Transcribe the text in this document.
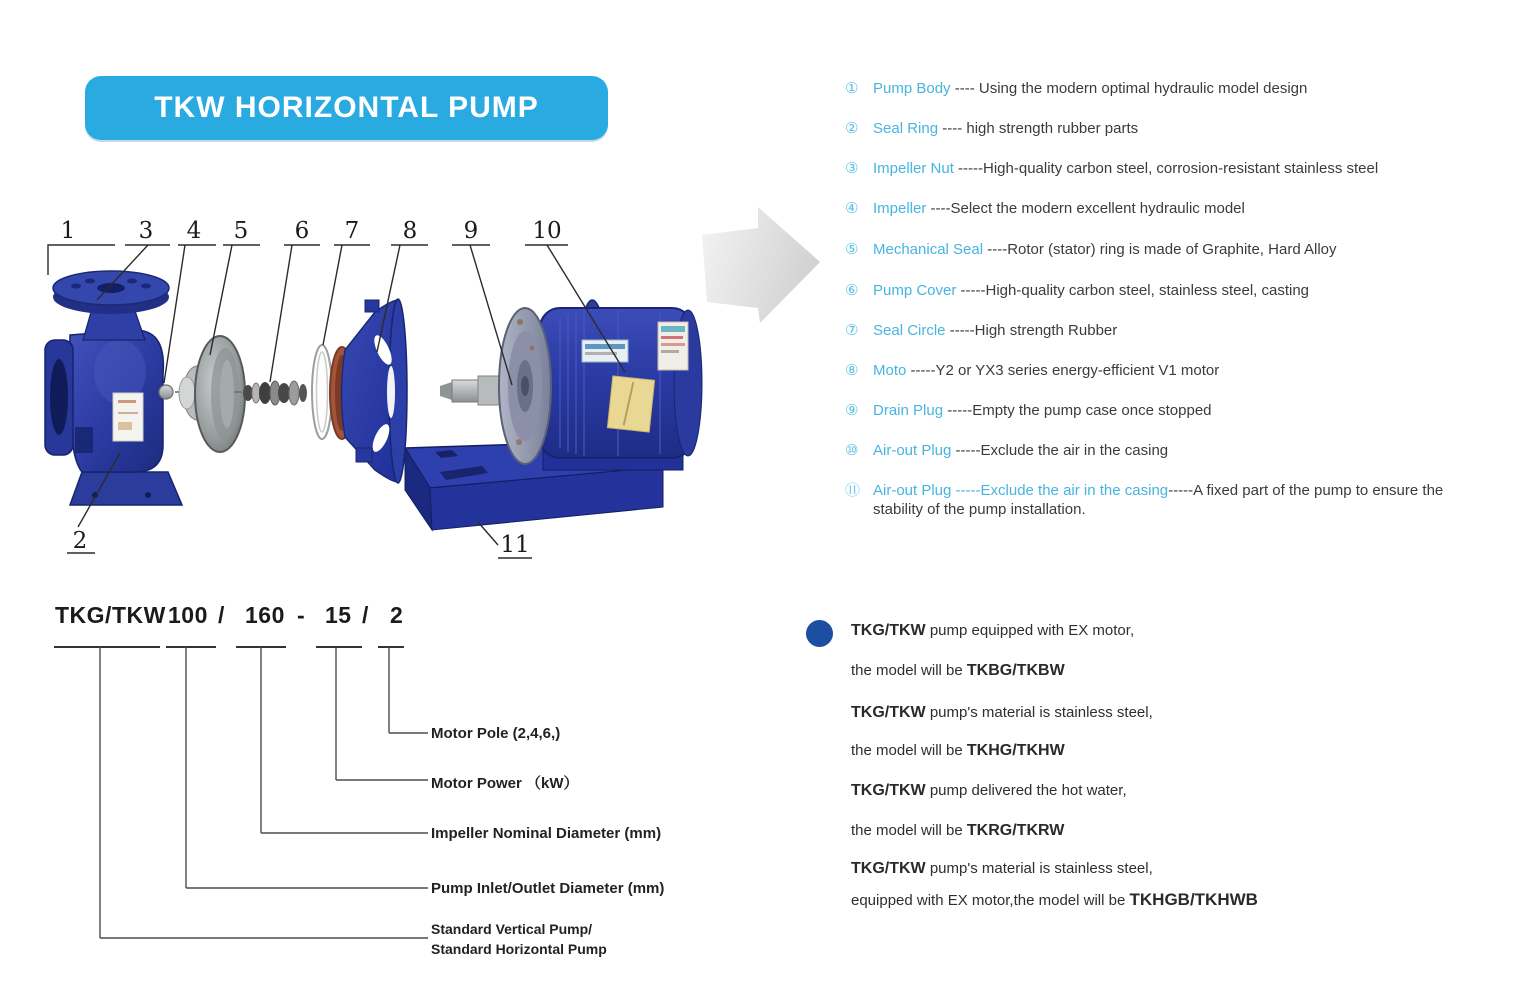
TKW HORIZONTAL PUMP
1
2
3 4 5 6 7 8 9 10
11
① Pump Body ---- Using the modern optimal hydraulic model design
② Seal Ring ---- high strength rubber parts
③ Impeller Nut -----High-quality carbon steel, corrosion-resistant stainless steel
④ Impeller ----Select the modern excellent hydraulic model
⑤ Mechanical Seal ----Rotor (stator) ring is made of Graphite, Hard Alloy
⑥ Pump Cover -----High-quality carbon steel, stainless steel, casting
⑦ Seal Circle -----High strength Rubber
⑧ Moto -----Y2 or YX3 series energy-efficient V1 motor
⑨ Drain Plug -----Empty the pump case once stopped
⑩ Air-out Plug -----Exclude the air in the casing
⑪ Air-out Plug -----Exclude the air in the casing-----A fixed part of the pump to ensure the stability of the pump installation.
TKG/TKW 100 / 160 - 15 / 2
Motor Pole (2,4,6,)
Motor Power （kW）
Impeller Nominal Diameter (mm)
Pump Inlet/Outlet Diameter (mm)
Standard Vertical Pump/
Standard Horizontal Pump
TKG/TKW pump equipped with EX motor,
the model will be TKBG/TKBW
TKG/TKW pump's material is stainless steel,
the model will be TKHG/TKHW
TKG/TKW pump delivered the hot water,
the model will be TKRG/TKRW
TKG/TKW pump's material is stainless steel,
equipped with EX motor,the model will be TKHGB/TKHWB
